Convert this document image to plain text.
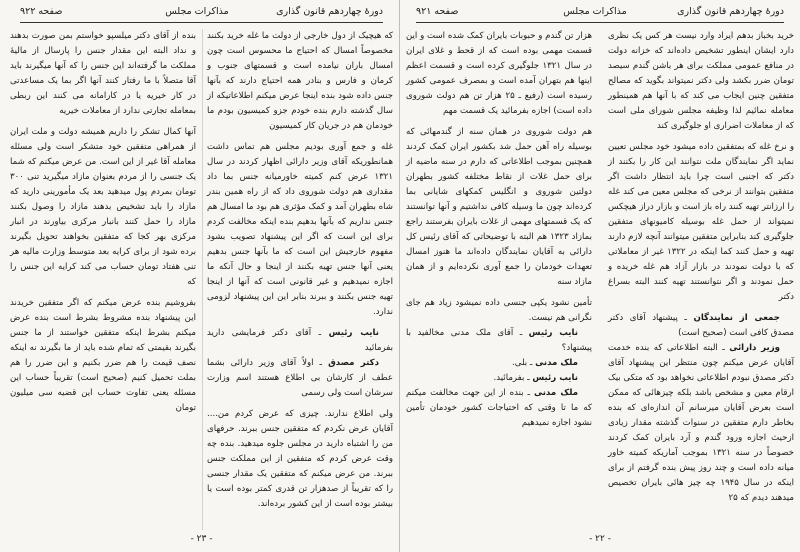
دورهٔ چهاردهم قانون گذاری
مذاکرات مجلس
صفحه ۹۲۲

بنده از آقای دکتر میلسپو خواستم بمن صورت بدهند و نداد البته این مقدار جنس را پارسال از مالیهٔ مملکت ما گرفته‌اند این جنس را که آنها میگیرند باید آقا متصلاً با ما رفتار کنند آنها اگر بما یک مساعدتی در کار خیریه یا در کارامانه می کنند این ربطی بمعامله تجارتی ندارد از معاملات خیریه

آنها کمال تشکر را داریم همیشه دولت و ملت ایران از همراهی متفقین خود متشکر است ولی مسئله معامله آقا غیر از این است. من عرض میکنم که شما یک جنسی را از مردم بعنوان مازاد میگیرید تنی ۳۰۰ تومان بمردم پول میدهید بعد یک مأمورینی دارید که مازاد را باید تشخیص بدهند مازاد را وصول بکنند مازاد را حمل کنند بانبار مرکزی بیاورند در انبار مرکزی بهر کجا که متفقین بخواهند تحویل بگیرند برده شود از برای کرایه بعد متوسط وزارت مالیه هر تنی هفتاد تومان حساب می کند کرایه این جنس را که

بفروشیم بنده عرض میکنم که اگر متفقین خریدند این پیشنهاد بنده مشروط بشرط است بنده عرض میکنم بشرط اینکه متفقین خواستند از ما جنس بگیرند بقیمتی که تمام شده باید از ما بگیرند نه اینکه نصف قیمت را هم ضرر بکنیم و این ضرر را هم بملت تحمیل کنیم (صحیح است) تقریباً حساب این مسئله یعنی تفاوت حساب این قضیه سی میلیون تومان

که هیچیک از دول خارجی از دولت ما غله خرید بکنند مخصوصاً امسال که احتیاج ما محسوس است چون امسال باران نیامده است و قسمتهای جنوب و کرمان و فارس و بنادر همه احتیاج دارند که بآنها جنس داده شود بنده اینجا عرض میکنم اطلاعاتیکه از سال گذشته دارم بنده خودم جزو کمیسیون بودم ما خودمان هم در جریان کار کمیسیون

غله و جمع آوری بودیم مجلس هم تماس داشت همانطوریکه آقای وزیر دارائی اظهار کردند در سال ۱۳۲۱ عرض کنم کمیته خاورمیانه جنس بما داد مقداری هم دولت شوروی داد که از راه همین بندر شاه بطهران آمد و کمک مؤثری هم بود ما امسال هم جنس نداریم که بآنها بدهیم بنده اینکه مخالفت کردم برای این است که اگر این پیشنهاد تصویب بشود مفهوم خارجیش این است که ما بآنها جنس بدهیم یعنی آنها جنس تهیه بکنند از اینجا و حال آنکه ما اجازه نمیدهیم و غیر قانونی است که آنها از اینجا تهیه جنس بکنند و ببرند بنابر این این پیشنهاد لزومی ندارد.

نایب رئیس ـ آقای دکتر فرمایشی دارید بفرمائید

دکتر مصدق ـ اولاً آقای وزیر دارائی بشما عطف از کارشان بی اطلاع هستند اسم وزارت سرشان است ولی رسمی

ولی اطلاع ندارند. چیزی که عرض کردم من.... آقایان عرض نکردم که متفقین جنس ببرند. حرفهای من را اشتباه دارید در مجلس جلوه میدهید. بنده چه وقت عرض کردم که متفقین از این مملکت جنس ببرند. من عرض میکنم که متفقین یک مقدار جنسی را که تقریباً از صدهزار تن قدری کمتر بوده است یا بیشتر بوده است از این کشور برده‌اند.

- ۲۳ -
دورهٔ چهاردهم قانون گذاری
مذاکرات مجلس
صفحه ۹۲۱

هزار تن گندم و حبوبات بایران کمک شده است و این قسمت مهمی بوده است که از قحط و غلای ایران در سال ۱۳۲۱ جلوگیری کرده است و قسمت اعظم اینها هم بتهران آمده است و بمصرف عمومی کشور رسیده است (رفیع ـ ۲۵ هزار تن هم دولت شوروی داده است) اجازه بفرمائید یک قسمت مهم

هم دولت شوروی در همان سنه از گندمهائی که بوسیله راه آهن حمل شد بکشور ایران کمک کردند همچنین بموجب اطلاعاتی که دارم در سنه ماضیه از برای حمل غلات از نقاط مختلفه کشور بطهران دولتین شوروی و انگلیس کمکهای شایانی بما کرده‌اند چون ما وسیله کافی نداشتیم و آنها توانستند که یک قسمتهای مهمی از غلات بایران بفرستند راجع بمازاد ۱۳۲۳ هم البته با توضیحاتی که آقای رئیس کل دارائی به آقایان نمایندگان داده‌اند ما هنوز امسال تعهدات خودمان را جمع آوری نکرده‌ایم و از همان مازاد سنه

تأمین نشود یکپی جنسی داده نمیشود زیاد هم جای نگرانی هم نیست.

نایب رئیس ـ آقای ملک مدنی مخالفید با پیشنهاد؟

ملک مدنی ـ بلی.

نایب رئیس ـ بفرمائید.

ملک مدنی ـ بنده از این جهت مخالفت میکنم که ما تا وقتی که احتیاجات کشور خودمان تأمین نشود اجازه نمیدهیم

خرید بخباز بدهم ایراد وارد نیست هر کس یک نظری دارد ایشان اینطور تشخیص داده‌اند که خزانه دولت در منافع عمومی مملکت برای هر باشن گندم سیصد تومان ضرر بکشد ولی دکتر نمیتواند بگوید که مصالح متفقین چنین ایجاب می کند که با آنها هم همینطور معامله نمائیم لذا وظیفه مجلس شورای ملی است که از معاملات اضراری او جلوگیری کند

و نرخ غله که بمتفقین داده میشود خود مجلس تعیین نماید اگر نمایندگان ملت نتوانند این کار را بکنند از دکتر که اجنبی است چرا باید انتظار داشت اگر متفقین بتوانند از نرخی که مجلس معین می کند غله را ارزانتر تهیه کنند راه باز است و بازار دراز هیچکس نمیتواند از حمل غله بوسیله کامیونهای متفقین جلوگیری کند بنابراین متفقین میتوانند آنچه لازم دارند تهیه و حمل کنند کما اینکه در ۱۳۲۲ غیر از معاملاتی که با دولت نمودند در بازار آزاد هم غله خریده و حمل نمودند و اگر نتوانستند تهیه کنند البته بسراغ دکتر

جمعی از نمایندگان ـ پیشنهاد آقای دکتر مصدق کافی است (صحیح است)

وزیر دارائی ـ البته اطلاعاتی که بنده خدمت آقایان عرض میکنم چون منتظر این پیشنهاد آقای دکتر مصدق نبودم اطلاعاتی نخواهد بود که متکی بیک ارقام معین و مشخص باشد بلکه چیزهائی که ممکن است بعرض آقایان میرسانم آن اندازه‌ای که بنده بخاطر دارم متفقین در سنوات گذشته مقدار زیادی ازحیث اجازه ورود گندم و آرد بایران کمک کردند خصوصاً در سنه ۱۳۲۱ بموجب آماریکه کمیته خاور میانه داده است و چند روز پیش بنده گرفتم از برای اینکه در سال ۱۹۴۵ چه چیز هائی بایران تخصیص میدهند دیدم که ۲۵

- ۲۲ -
